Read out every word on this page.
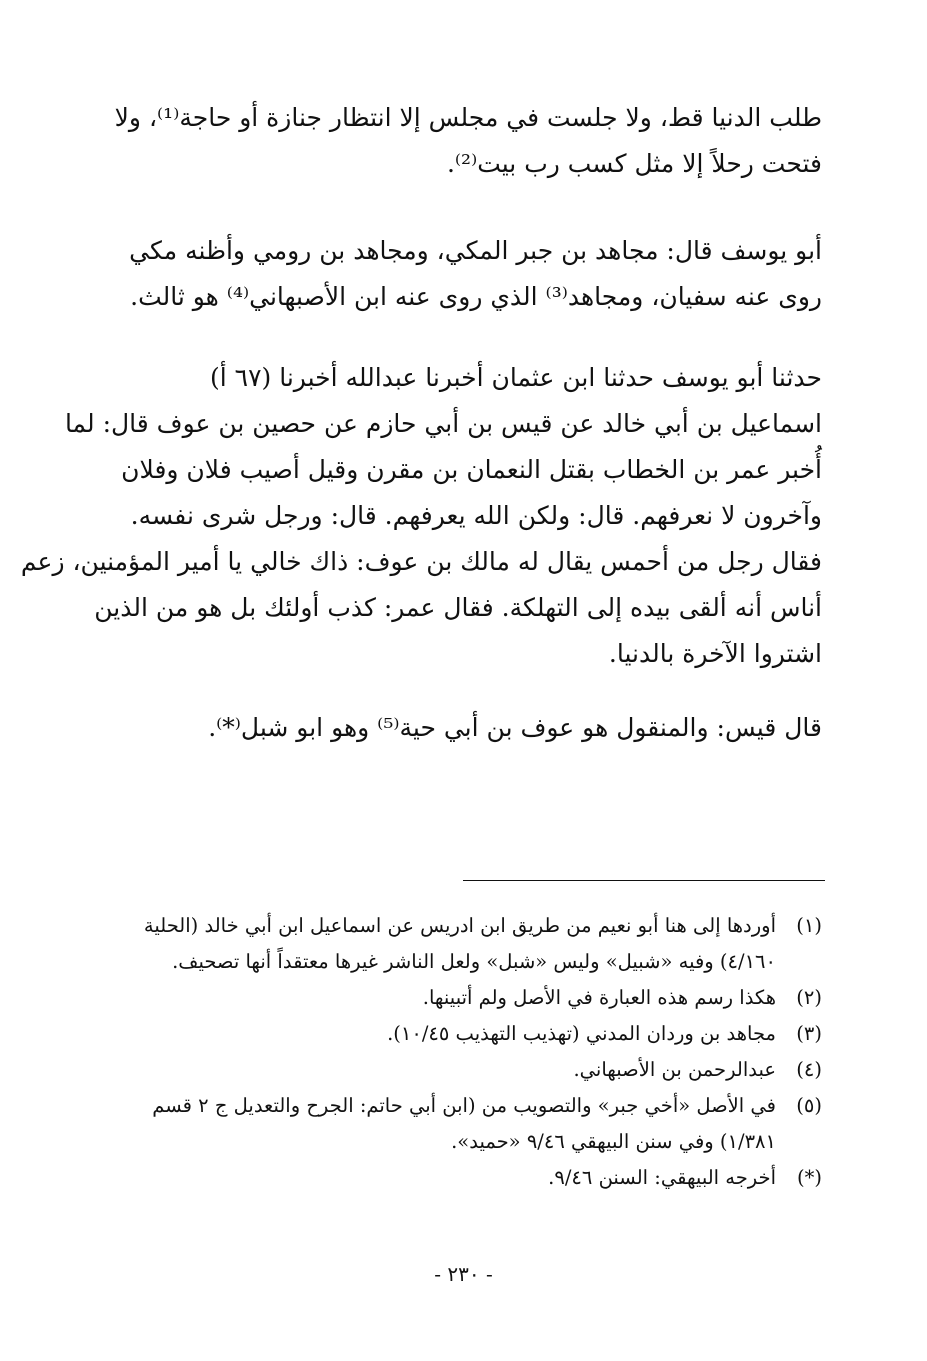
طلب الدنيا قط، ولا جلست في مجلس إلا انتظار جنازة أو حاجة⁽¹⁾، ولا
فتحت رحلاً إلا مثل كسب رب بيت⁽²⁾.
أبو يوسف قال: مجاهد بن جبر المكي، ومجاهد بن رومي وأظنه مكي
روى عنه سفيان، ومجاهد⁽³⁾ الذي روى عنه ابن الأصبهاني⁽⁴⁾ هو ثالث.
حدثنا أبو يوسف حدثنا ابن عثمان أخبرنا عبدالله أخبرنا (٦٧ أ)
اسماعيل بن أبي خالد عن قيس بن أبي حازم عن حصين بن عوف قال: لما
أُخبر عمر بن الخطاب بقتل النعمان بن مقرن وقيل أصيب فلان وفلان
وآخرون لا نعرفهم. قال: ولكن الله يعرفهم. قال: ورجل شرى نفسه.
فقال رجل من أحمس يقال له مالك بن عوف: ذاك خالي يا أمير المؤمنين، زعم
أناس أنه ألقى بيده إلى التهلكة. فقال عمر: كذب أولئك بل هو من الذين
اشتروا الآخرة بالدنيا.
قال قيس: والمنقول هو عوف بن أبي حية⁽⁵⁾ وهو ابو شبل⁽*⁾.
(١)أوردها إلى هنا أبو نعيم من طريق ابن ادريس عن اسماعيل ابن أبي خالد (الحلية
٤/١٦٠) وفيه «شبيل» وليس «شبل» ولعل الناشر غيرها معتقداً أنها تصحيف.
(٢)هكذا رسم هذه العبارة في الأصل ولم أتبينها.
(٣)مجاهد بن وردان المدني (تهذيب التهذيب ١٠/٤٥).
(٤)عبدالرحمن بن الأصبهاني.
(٥)في الأصل «أخي جبر» والتصويب من (ابن أبي حاتم: الجرح والتعديل ج ٢ قسم
١/٣٨١) وفي سنن البيهقي ٩/٤٦ «حميد».
(*)أخرجه البيهقي: السنن ٩/٤٦.
- ٢٣٠ -
